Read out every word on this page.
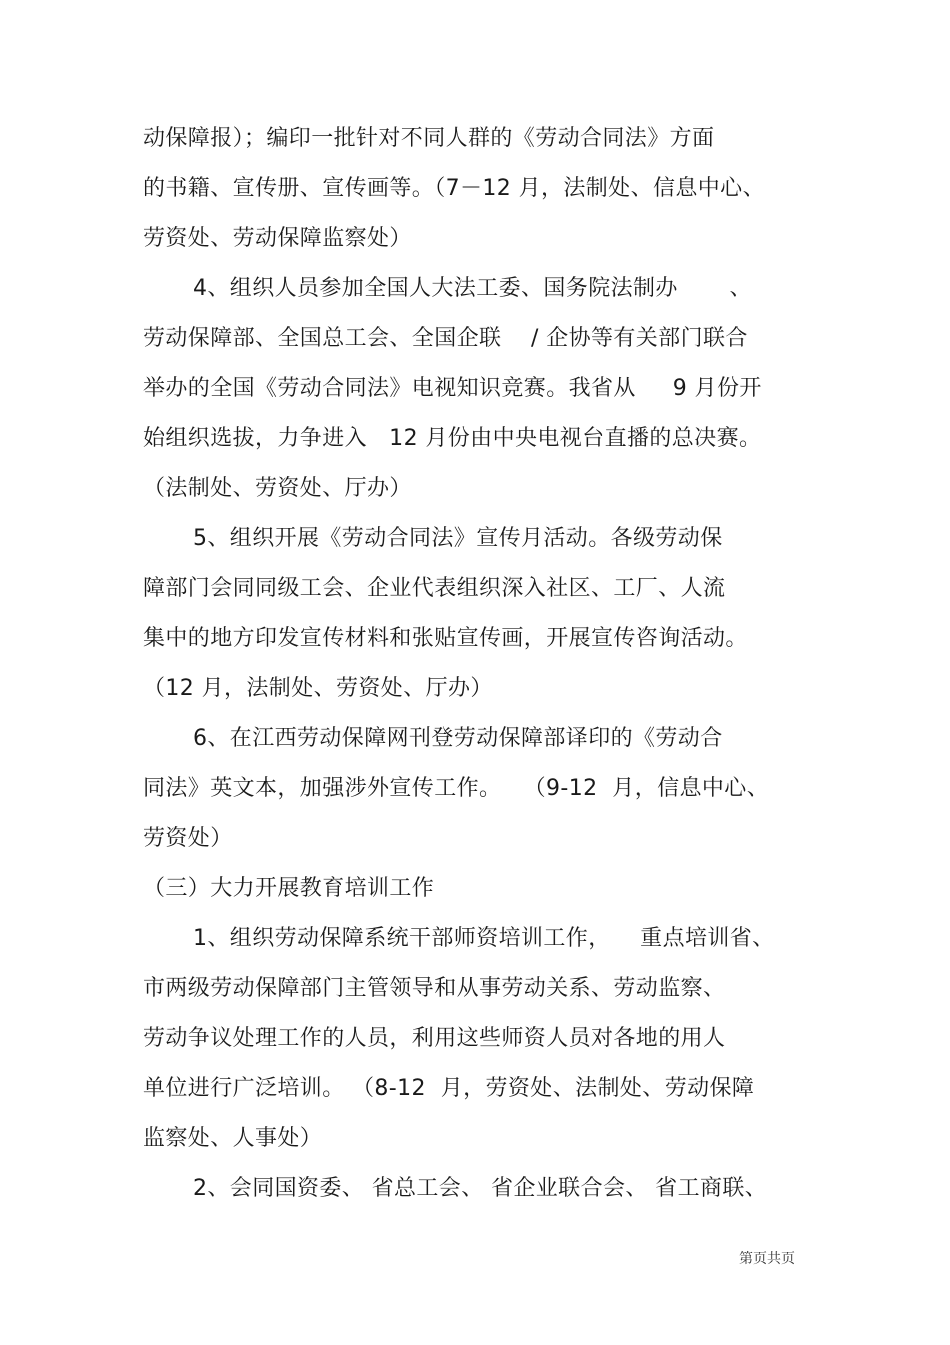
动保障报）；编印一批针对不同人群的《劳动合同法》方面
的书籍、宣传册、宣传画等。（7－12 月，法制处、信息中心、
劳资处、劳动保障监察处）
4、组织人员参加全国人大法工委、国务院法制办       、
劳动保障部、全国总工会、全国企联    / 企协等有关部门联合
举办的全国《劳动合同法》电视知识竞赛。我省从     9 月份开
始组织选拔，力争进入   12 月份由中央电视台直播的总决赛。
（法制处、劳资处、厅办）
5、组织开展《劳动合同法》宣传月活动。各级劳动保
障部门会同同级工会、企业代表组织深入社区、工厂、人流
集中的地方印发宣传材料和张贴宣传画，开展宣传咨询活动。
（12 月，法制处、劳资处、厅办）
6、在江西劳动保障网刊登劳动保障部译印的《劳动合
同法》英文本，加强涉外宣传工作。   （9-12  月，信息中心、
劳资处）
（三）大力开展教育培训工作
1、组织劳动保障系统干部师资培训工作，    重点培训省、
市两级劳动保障部门主管领导和从事劳动关系、劳动监察、
劳动争议处理工作的人员，利用这些师资人员对各地的用人
单位进行广泛培训。 （8-12  月，劳资处、法制处、劳动保障
监察处、人事处）
2、会同国资委、 省总工会、 省企业联合会、 省工商联、
第页共页
